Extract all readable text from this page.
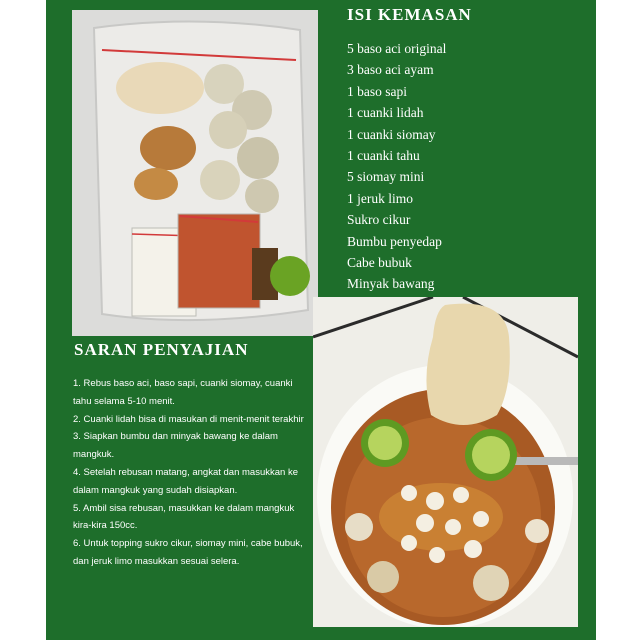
ISI KEMASAN
5 baso aci original
3 baso aci ayam
1 baso sapi
1 cuanki lidah
1 cuanki siomay
1 cuanki tahu
5 siomay mini
1 jeruk limo
Sukro cikur
Bumbu penyedap
Cabe bubuk
Minyak bawang
SARAN PENYAJIAN
1. Rebus baso aci, baso sapi, cuanki siomay, cuanki tahu selama 5-10 menit.
2. Cuanki lidah bisa di masukan di menit-menit terakhir
3. Siapkan bumbu dan minyak bawang ke dalam mangkuk.
4. Setelah rebusan matang, angkat dan masukkan ke dalam mangkuk yang sudah disiapkan.
5. Ambil sisa rebusan, masukkan ke dalam mangkuk kira-kira 150cc.
6. Untuk topping sukro cikur, siomay mini, cabe bubuk, dan jeruk limo masukkan sesuai selera.
